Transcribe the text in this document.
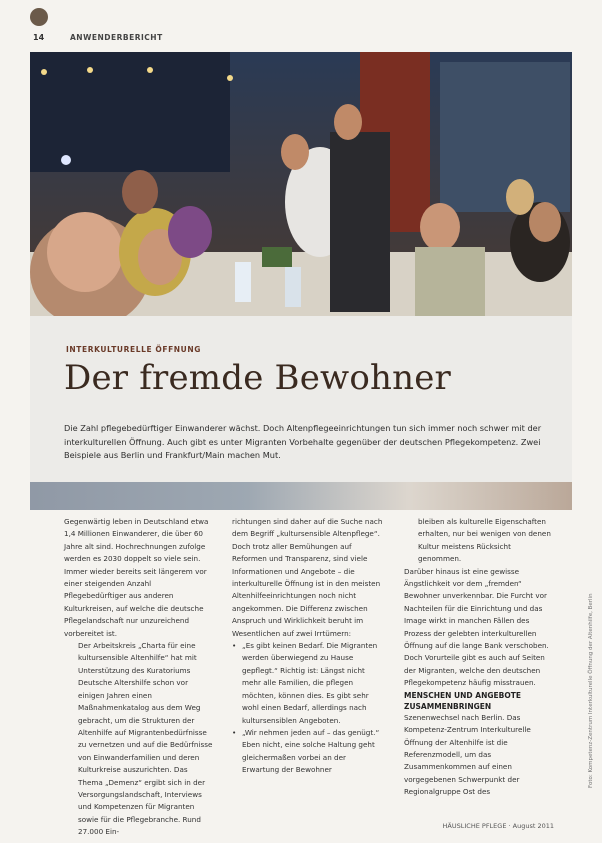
14	ANWENDERBERICHT
INTERKULTURELLE ÖFFNUNG
Der fremde Bewohner
Die Zahl pflegebedürftiger Einwanderer wächst. Doch Altenpflegeeinrichtungen tun sich immer noch schwer mit der interkulturellen Öffnung. Auch gibt es unter Migranten Vorbehalte gegenüber der deutschen Pflegekompetenz. Zwei Beispiele aus Berlin und Frankfurt/Main machen Mut.

Gegenwärtig leben in Deutschland etwa 1,4 Millionen Einwanderer, die über 60 Jahre alt sind. Hochrechnungen zufolge werden es 2030 doppelt so viele sein. Immer wieder bereits seit längerem vor einer steigenden Anzahl Pflegebedürftiger aus anderen Kulturkreisen, auf welche die deutsche Pflegelandschaft nur unzureichend vorbereitet ist.

Der Arbeitskreis „Charta für eine kultursensible Altenhilfe“ hat mit Unterstützung des Kuratoriums Deutsche Altershilfe schon vor einigen Jahren einen Maßnahmenkatalog aus dem Weg gebracht, um die Strukturen der Altenhilfe auf Migrantenbedürfnisse zu vernetzen und auf die Bedürfnisse von Einwanderfamilien und deren Kulturkreise auszurichten. Das Thema „Demenz“ ergibt sich in der Versorgungslandschaft, Interviews und Kompetenzen für Migranten sowie für die Pflegebranche. Rund 27.000 Ein-

richtungen sind daher auf die Suche nach dem Begriff „kultursensible Altenpflege“. Doch trotz aller Bemühungen auf Reformen und Transparenz, sind viele Informationen und Angebote – die interkulturelle Öffnung ist in den meisten Altenhilfeeinrichtungen noch nicht angekommen. Die Differenz zwischen Anspruch und Wirklichkeit beruht im Wesentlichen auf zwei Irrtümern:

• „Es gibt keinen Bedarf. Die Migranten werden überwiegend zu Hause gepflegt.“ Richtig ist: Längst nicht mehr alle Familien, die pflegen möchten, können dies. Es gibt sehr wohl einen Bedarf, allerdings nach kultursensiblen Angeboten.

• „Wir nehmen jeden auf – das genügt.“ Eben nicht, eine solche Haltung geht gleichermaßen vorbei an der Erwartung der Bewohner

bleiben als kulturelle Eigenschaften erhalten, nur bei wenigen von denen Kultur meistens Rücksicht genommen.

Darüber hinaus ist eine gewisse Ängstlichkeit vor dem „fremden“ Bewohner unverkennbar. Die Furcht vor Nachteilen für die Einrichtung und das Image wirkt in manchen Fällen des Prozess der gelebten interkulturellen Öffnung auf die lange Bank verschoben. Doch Vorurteile gibt es auch auf Seiten der Migranten, welche den deutschen Pflegekompetenz häufig misstrauen.

MENSCHEN UND ANGEBOTE ZUSAMMENBRINGEN

Szenenwechsel nach Berlin. Das Kompetenz-Zentrum Interkulturelle Öffnung der Altenhilfe ist die Referenzmodell, um das Zusammenkommen auf einen vorgegebenen Schwerpunkt der Regionalgruppe Ost des

Foto: Kompetenz-Zentrum Interkulturelle Öffnung der Altenhilfe, Berlin
HÄUSLICHE PFLEGE · August 2011
